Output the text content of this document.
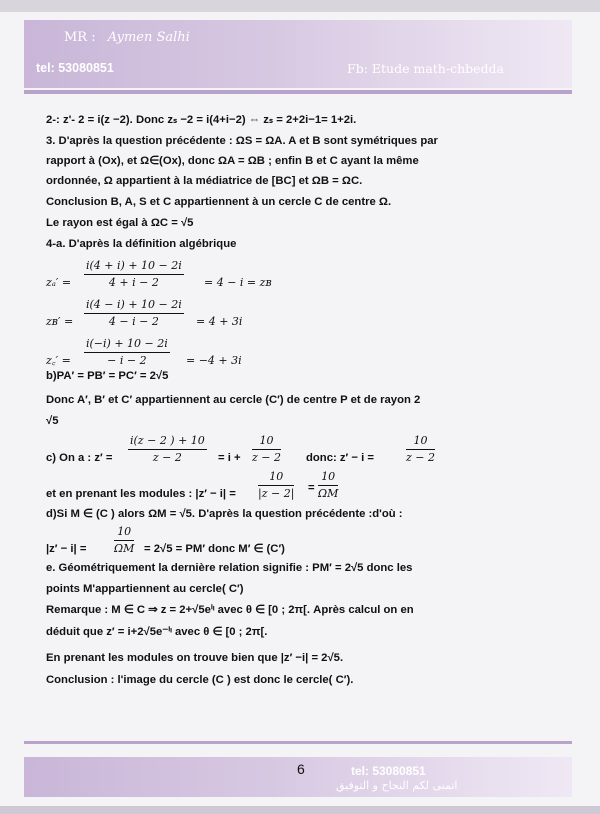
MR : Aymen Salhi
tel: 53080851	Fb: Etude math-chbedda
2-: z'- 2 = i(z −2). Donc zₛ −2 = i(4+i−2) ⇔ zₛ = 2+2i−1= 1+2i.
3. D'après la question précédente : ΩS = ΩA. A et B sont symétriques par
rapport à (Ox), et Ω∈(Ox), donc ΩA = ΩB ; enfin B et C ayant la même
ordonnée, Ω appartient à la médiatrice de [BC] et ΩB = ΩC.
Conclusion B, A, S et C appartiennent à un cercle C de centre Ω.
Le rayon est égal à ΩC = √5
4-a. D'après la définition algébrique
$z_a' = \frac{i(4 + i) + 10 - 2i}{4 + i - 2} = 4 - i$ = zʙ
zʙ′ = $\frac{i(4 - i) + 10 - 2i}{4 - i - 2} = 4 + 3i$
z꜀′ = $\frac{i(-i) + 10 - 2i}{- i - 2} = -4 + 3i$
b)PA′ = PB′ = PC′ = 2√5
Donc A′, B′ et C′ appartiennent au cercle (C′) de centre P et de rayon 2
√5
c) On a : $z' = \frac{i(z - 2 ) + 10}{z - 2} = i + \frac{10}{z - 2}$ donc: z′ − i =	$\frac{10}{z - 2}$
et en prenant les modules : $|z' - i| = \frac{10}{|z - 2|} = \frac{10}{\Omega M}$
d)Si M ∈ (C ) alors ΩM = √5. D'après la question précédente :d'où :
|z′ − i| =	$\frac{10}{\Omega M} = 2√5 = PM'$ donc M′ ∈ (C′)
e. Géométriquement la dernière relation signifie : PM′ = 2√5 donc les
points M'appartiennent au cercle( C′)
Remarque : M ∈ C ⇒ z = 2+√5eⁱᶥ avec θ ∈ [0 ; 2π[. Après calcul on en
déduit que z′ = i+2√5e⁻ⁱᶥ avec θ ∈ [0 ; 2π[.
En prenant les modules on trouve bien que |z′ −i| = 2√5.
Conclusion : l'image du cercle (C ) est donc le cercle( C′).
6	tel: 53080851
اتمنى لكم النجاح و التوفيق
